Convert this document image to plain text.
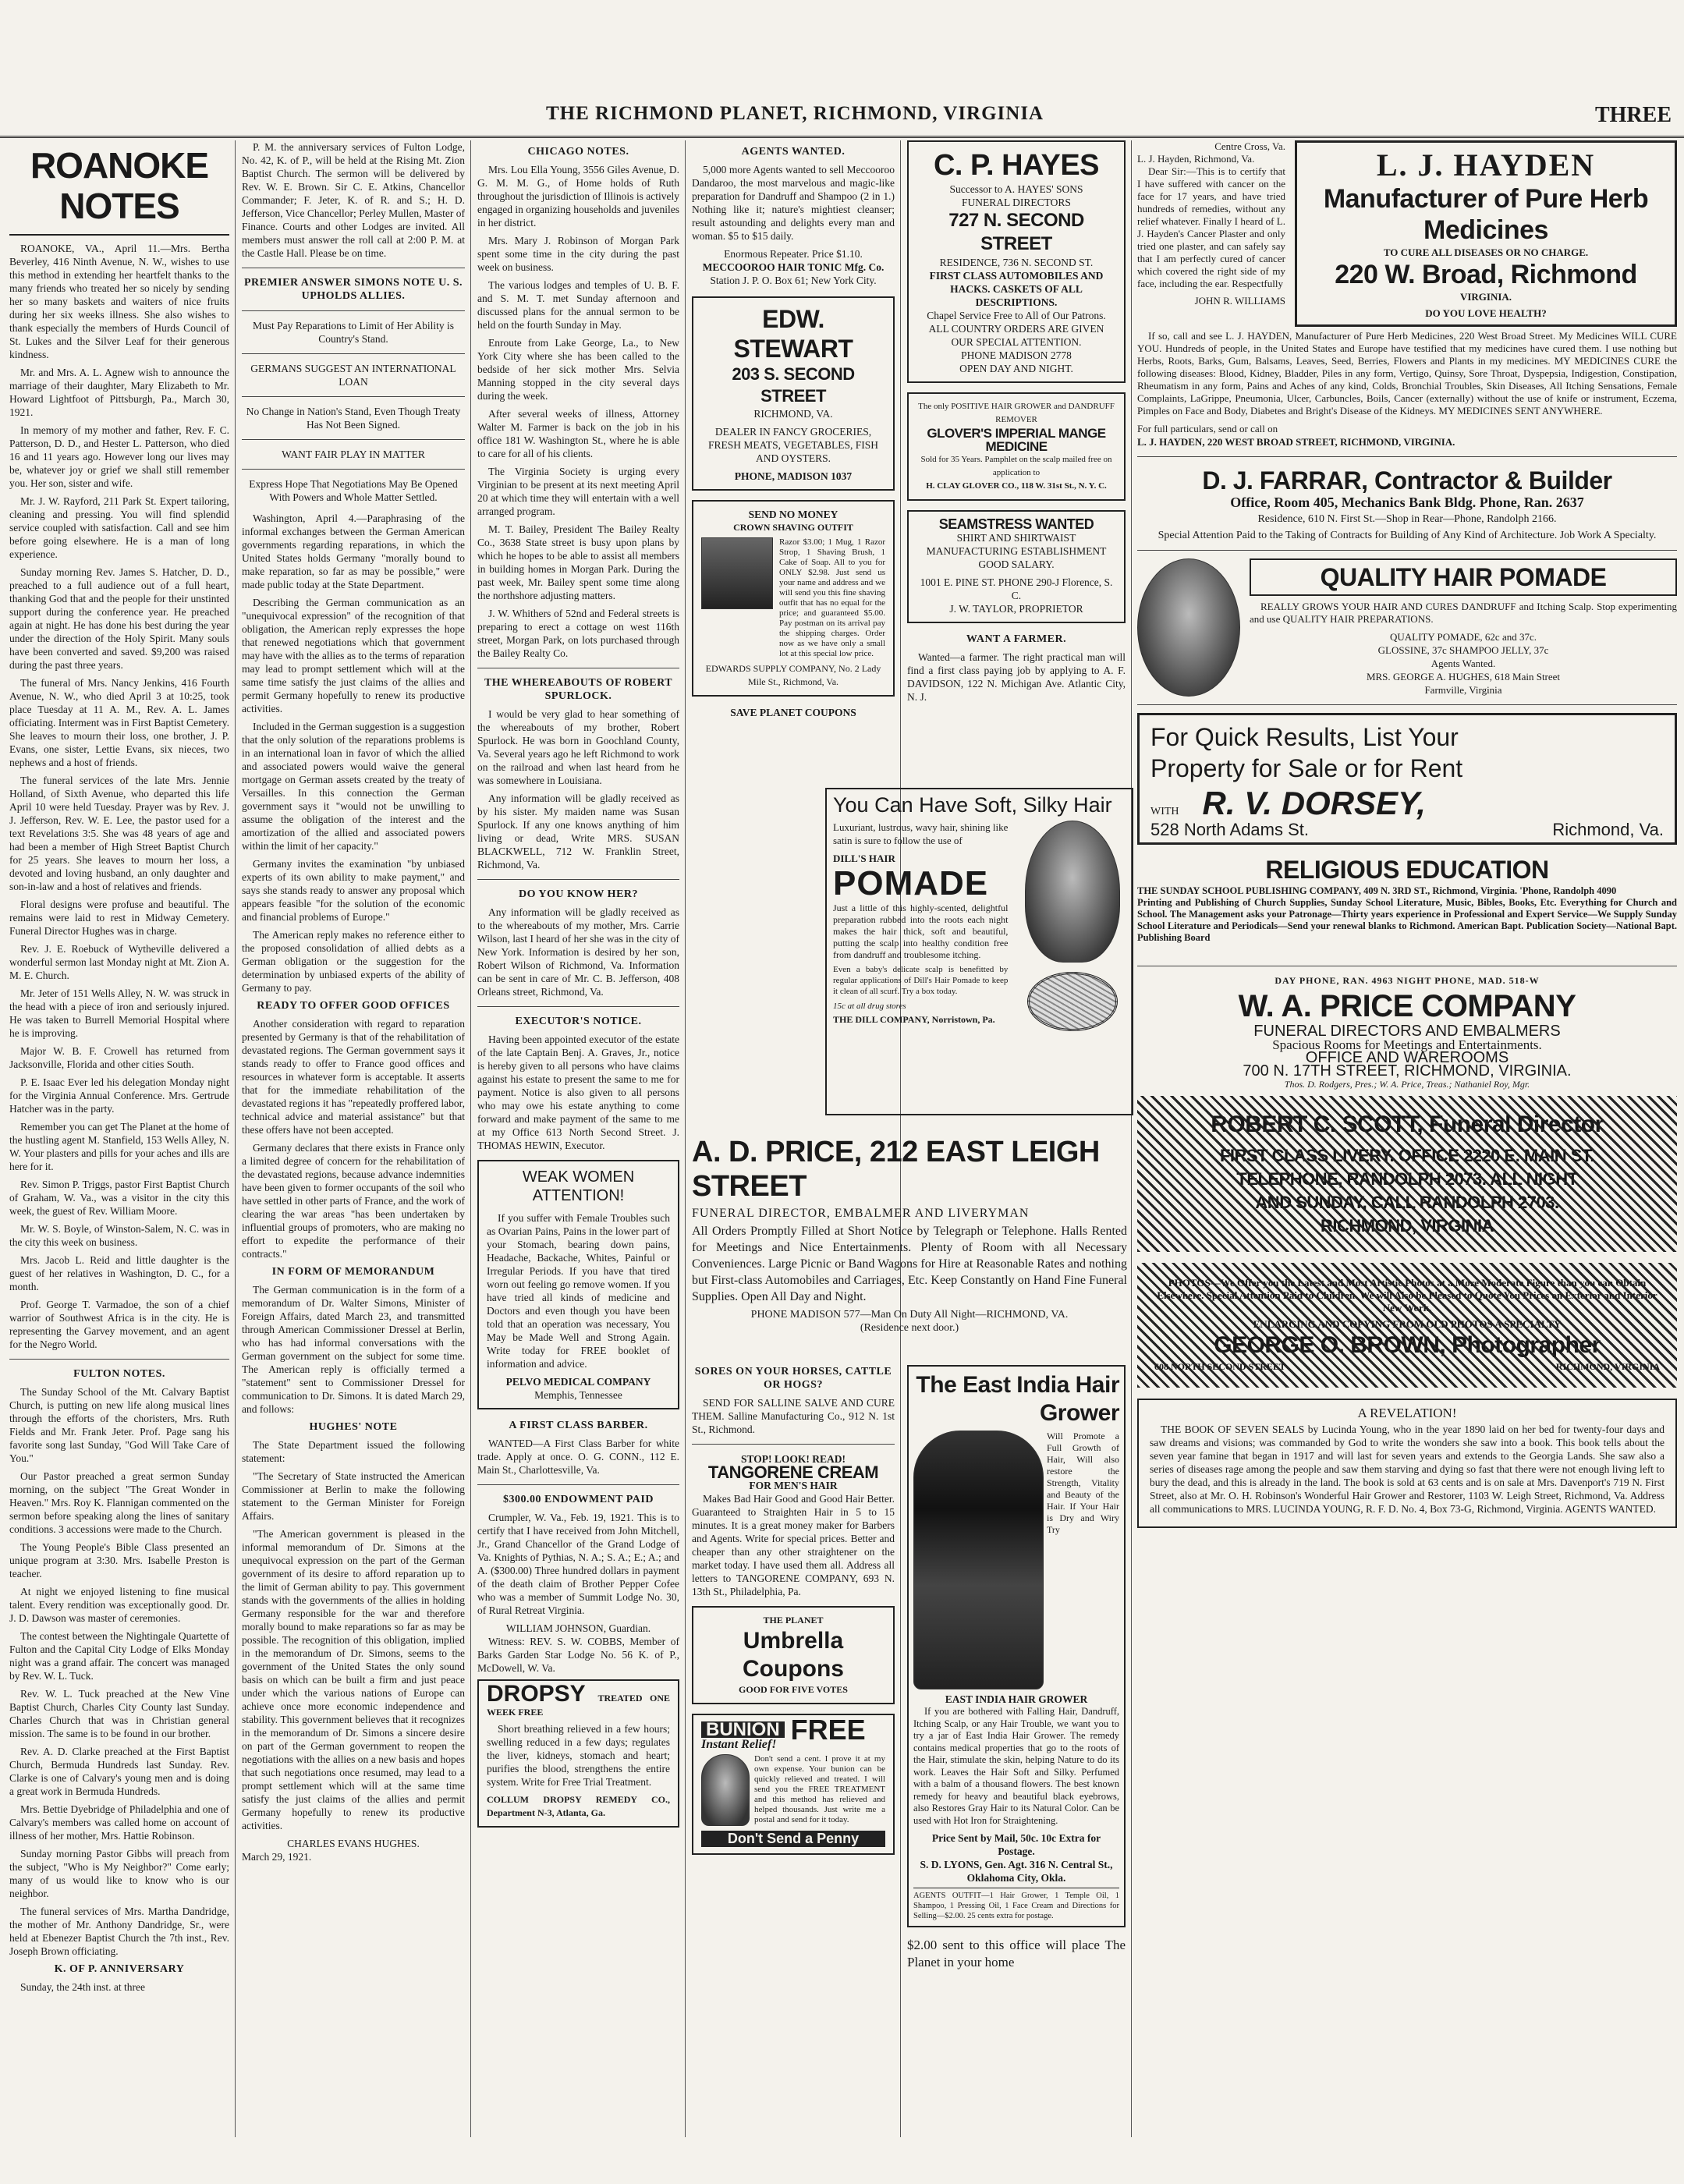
THE RICHMOND PLANET, RICHMOND, VIRGINIA	THREE
ROANOKE NOTES

ROANOKE, VA., April 11.—Mrs. Bertha Beverley, 416 Ninth Avenue, N. W., wishes to use this method in extending her heartfelt thanks to the many friends who treated her so nicely by sending her so many baskets and waiters of nice fruits during her six weeks illness. She also wishes to thank especially the members of Hurds Council of St. Lukes and the Silver Leaf for their generous kindness.

Mr. and Mrs. A. L. Agnew wish to announce the marriage of their daughter, Mary Elizabeth to Mr. Howard Lightfoot of Pittsburgh, Pa., March 30, 1921.

In memory of my mother and father, Rev. F. C. Patterson, D. D., and Hester L. Patterson, who died 16 and 11 years ago. However long our lives may be, whatever joy or grief we shall still remember you. Her son, sister and wife.

Mr. J. W. Rayford, 211 Park St. Expert tailoring, cleaning and pressing. You will find splendid service coupled with satisfaction. Call and see him before going elsewhere. He is a man of long experience.

Sunday morning Rev. James S. Hatcher, D. D., preached to a full audience out of a full heart, thanking God that and the people for their unstinted support during the conference year. He preached again at night. He has done his best during the year under the direction of the Holy Spirit. Many souls have been converted and saved. $9,200 was raised during the past three years.

The funeral of Mrs. Nancy Jenkins, 416 Fourth Avenue, N. W., who died April 3 at 10:25, took place Tuesday at 11 A. M., Rev. A. L. James officiating. Interment was in First Baptist Cemetery. She leaves to mourn their loss, one brother, J. P. Evans, one sister, Lettie Evans, six nieces, two nephews and a host of friends.

The funeral services of the late Mrs. Jennie Holland, of Sixth Avenue, who departed this life April 10 were held Tuesday. Prayer was by Rev. J. J. Jefferson, Rev. W. E. Lee, the pastor used for a text Revelations 3:5. She was 48 years of age and had been a member of High Street Baptist Church for 25 years. She leaves to mourn her loss, a devoted and loving husband, an only daughter and son-in-law and a host of relatives and friends.

Floral designs were profuse and beautiful. The remains were laid to rest in Midway Cemetery. Funeral Director Hughes was in charge.

Rev. J. E. Roebuck of Wytheville delivered a wonderful sermon last Monday night at Mt. Zion A. M. E. Church.

Mr. Jeter of 151 Wells Alley, N. W. was struck in the head with a piece of iron and seriously injured. He was taken to Burrell Memorial Hospital where he is improving.

Major W. B. F. Crowell has returned from Jacksonville, Florida and other cities South.

P. E. Isaac Ever led his delegation Monday night for the Virginia Annual Conference. Mrs. Gertrude Hatcher was in the party.

Remember you can get The Planet at the home of the hustling agent M. Stanfield, 153 Wells Alley, N. W. Your plasters and pills for your aches and ills are here for it.

Rev. Simon P. Triggs, pastor First Baptist Church of Graham, W. Va., was a visitor in the city this week, the guest of Rev. William Moore.

Mr. W. S. Boyle, of Winston-Salem, N. C. was in the city this week on business.

Mrs. Jacob L. Reid and little daughter is the guest of her relatives in Washington, D. C., for a month.

Prof. George T. Varmadoe, the son of a chief warrior of Southwest Africa is in the city. He is representing the Garvey movement, and an agent for the Negro World.

FULTON NOTES.

The Sunday School of the Mt. Calvary Baptist Church, is putting on new life along musical lines through the efforts of the choristers, Mrs. Ruth Fields and Mr. Frank Jeter. Prof. Page sang his favorite song last Sunday, "God Will Take Care of You."

Our Pastor preached a great sermon Sunday morning, on the subject "The Great Wonder in Heaven." Mrs. Roy K. Flannigan commented on the sermon before speaking along the lines of sanitary conditions. 3 accessions were made to the Church.

The Young People's Bible Class presented an unique program at 3:30. Mrs. Isabelle Preston is teacher.

At night we enjoyed listening to fine musical talent. Every rendition was exceptionally good. Dr. J. D. Dawson was master of ceremonies.

The contest between the Nightingale Quartette of Fulton and the Capital City Lodge of Elks Monday night was a grand affair. The concert was managed by Rev. W. L. Tuck.

Rev. W. L. Tuck preached at the New Vine Baptist Church, Charles City County last Sunday. Charles Church that was in Christian general mission. The same is to be found in our brother.

Rev. A. D. Clarke preached at the First Baptist Church, Bermuda Hundreds last Sunday. Rev. Clarke is one of Calvary's young men and is doing a great work in Bermuda Hundreds.

Mrs. Bettie Dyebridge of Philadelphia and one of Calvary's members was called home on account of illness of her mother, Mrs. Hattie Robinson.

Sunday morning Pastor Gibbs will preach from the subject, "Who is My Neighbor?" Come early; many of us would like to know who is our neighbor.

The funeral services of Mrs. Martha Dandridge, the mother of Mr. Anthony Dandridge, Sr., were held at Ebenezer Baptist Church the 7th inst., Rev. Joseph Brown officiating.

K. OF P. ANNIVERSARY

Sunday, the 24th inst. at three

P. M. the anniversary services of Fulton Lodge, No. 42, K. of P., will be held at the Rising Mt. Zion Baptist Church. The sermon will be delivered by Rev. W. E. Brown. Sir C. E. Atkins, Chancellor Commander; F. Jeter, K. of R. and S.; H. D. Jefferson, Vice Chancellor; Perley Mullen, Master of Finance. Courts and other Lodges are invited. All members must answer the roll call at 2:00 P. M. at the Castle Hall. Please be on time.

PREMIER ANSWER SIMONS NOTE U. S. UPHOLDS ALLIES.
Must Pay Reparations to Limit of Her Ability is Country's Stand.
GERMANS SUGGEST AN INTERNATIONAL LOAN
No Change in Nation's Stand, Even Though Treaty Has Not Been Signed.
WANT FAIR PLAY IN MATTER
Express Hope That Negotiations May Be Opened With Powers and Whole Matter Settled.

Washington, April 4.—Paraphrasing of the informal exchanges between the German American governments regarding reparations, in which the United States holds Germany "morally bound to make reparation, so far as may be possible," were made public today at the State Department.

Describing the German communication as an "unequivocal expression" of the recognition of that obligation, the American reply expresses the hope that renewed negotiations which that government may have with the allies as to the terms of reparation may lead to prompt settlement which will at the same time satisfy the just claims of the allies and permit Germany hopefully to renew its productive activities.

Included in the German suggestion is a suggestion that the only solution of the reparations problems is in an international loan in favor of which the allied and associated powers would waive the general mortgage on German assets created by the treaty of Versailles. In this connection the German government says it "would not be unwilling to assume the obligation of the interest and the amortization of the allied and associated powers within the limit of her capacity."

Germany invites the examination "by unbiased experts of its own ability to make payment," and says she stands ready to answer any proposal which appears feasible "for the solution of the economic and financial problems of Europe."

The American reply makes no reference either to the proposed consolidation of allied debts as a German obligation or the suggestion for the determination by unbiased experts of the ability of Germany to pay.

READY TO OFFER GOOD OFFICES

Another consideration with regard to reparation presented by Germany is that of the rehabilitation of devastated regions. The German government says it stands ready to offer to France good offices and resources in whatever form is acceptable. It asserts that for the immediate rehabilitation of the devastated regions it has "repeatedly proffered labor, technical advice and material assistance" but that these offers have not been accepted.

Germany declares that there exists in France only a limited degree of concern for the rehabilitation of the devastated regions, because advance indemnities have been given to former occupants of the soil who have settled in other parts of France, and the work of clearing the war areas "has been undertaken by influential groups of promoters, who are making no effort to expedite the performance of their contracts."

IN FORM OF MEMORANDUM

The German communication is in the form of a memorandum of Dr. Walter Simons, Minister of Foreign Affairs, dated March 23, and transmitted through American Commissioner Dressel at Berlin, who has had informal conversations with the German government on the subject for some time. The American reply is officially termed a "statement" sent to Commissioner Dressel for communication to Dr. Simons. It is dated March 29, and follows:

HUGHES' NOTE

The State Department issued the following statement:

"The Secretary of State instructed the American Commissioner at Berlin to make the following statement to the German Minister for Foreign Affairs.

"The American government is pleased in the informal memorandum of Dr. Simons at the unequivocal expression on the part of the German government of its desire to afford reparation up to the limit of German ability to pay. This government stands with the governments of the allies in holding Germany responsible for the war and therefore morally bound to make reparations so far as may be possible. The recognition of this obligation, implied in the memorandum of Dr. Simons, seems to the government of the United States the only sound basis on which can be built a firm and just peace under which the various nations of Europe can achieve once more economic independence and stability. This government believes that it recognizes in the memorandum of Dr. Simons a sincere desire on part of the German government to reopen the negotiations with the allies on a new basis and hopes that such negotiations once resumed, may lead to a prompt settlement which will at the same time satisfy the just claims of the allies and permit Germany hopefully to renew its productive activities.

CHARLES EVANS HUGHES.
March 29, 1921.
CHICAGO NOTES.

Mrs. Lou Ella Young, 3556 Giles Avenue, D. G. M. M. G., of Home holds of Ruth throughout the jurisdiction of Illinois is actively engaged in organizing households and juveniles in her district.

Mrs. Mary J. Robinson of Morgan Park spent some time in the city during the past week on business.

The various lodges and temples of U. B. F. and S. M. T. met Sunday afternoon and discussed plans for the annual sermon to be held on the fourth Sunday in May.

Enroute from Lake George, La., to New York City where she has been called to the bedside of her sick mother Mrs. Selvia Manning stopped in the city several days during the week.

After several weeks of illness, Attorney Walter M. Farmer is back on the job in his office 181 W. Washington St., where he is able to care for all of his clients.

The Virginia Society is urging every Virginian to be present at its next meeting April 20 at which time they will entertain with a well arranged program.

M. T. Bailey, President The Bailey Realty Co., 3638 State street is busy upon plans by which he hopes to be able to assist all members in building homes in Morgan Park. During the past week, Mr. Bailey spent some time along the northshore adjusting matters.

J. W. Whithers of 52nd and Federal streets is preparing to erect a cottage on west 116th street, Morgan Park, on lots purchased through the Bailey Realty Co.

THE WHEREABOUTS OF ROBERT SPURLOCK.

I would be very glad to hear something of the whereabouts of my brother, Robert Spurlock. He was born in Goochland County, Va. Several years ago he left Richmond to work on the railroad and when last heard from he was somewhere in Louisiana.

Any information will be gladly received as by his sister. My maiden name was Susan Spurlock. If any one knows anything of him living or dead, Write MRS. SUSAN BLACKWELL, 712 W. Franklin Street, Richmond, Va.

DO YOU KNOW HER?

Any information will be gladly received as to the whereabouts of my mother, Mrs. Carrie Wilson, last I heard of her she was in the city of New York. Information is desired by her son, Robert Wilson of Richmond, Va. Information can be sent in care of Mr. C. B. Jefferson, 408 Orleans street, Richmond, Va.

EXECUTOR'S NOTICE.

Having been appointed executor of the estate of the late Captain Benj. A. Graves, Jr., notice is hereby given to all persons who have claims against his estate to present the same to me for payment. Notice is also given to all persons who may owe his estate anything to come forward and make payment of the same to me at my Office 613 North Second Street. J. THOMAS HEWIN, Executor.

WEAK WOMEN ATTENTION!

If you suffer with Female Troubles such as Ovarian Pains, Pains in the lower part of your Stomach, bearing down pains, Headache, Backache, Whites, Painful or Irregular Periods. If you have that tired worn out feeling go remove women. If you have tried all kinds of medicine and Doctors and even though you have been told that an operation was necessary, You May be Made Well and Strong Again. Write today for FREE booklet of information and advice.

PELVO MEDICAL COMPANY
Memphis, Tennessee
A FIRST CLASS BARBER.

WANTED—A First Class Barber for white trade. Apply at once. O. G. CONN., 112 E. Main St., Charlottesville, Va.

$300.00 ENDOWMENT PAID

Crumpler, W. Va., Feb. 19, 1921. This is to certify that I have received from John Mitchell, Jr., Grand Chancellor of the Grand Lodge of Va. Knights of Pythias, N. A.; S. A.; E.; A.; and A. ($300.00) Three hundred dollars in payment of the death claim of Brother Pepper Cofee who was a member of Summit Lodge No. 30, of Rural Retreat Virginia.

WILLIAM JOHNSON, Guardian.

Witness: REV. S. W. COBBS, Member of Barks Garden Star Lodge No. 56 K. of P., McDowell, W. Va.

DROPSY TREATED ONE WEEK FREE

Short breathing relieved in a few hours; swelling reduced in a few days; regulates the liver, kidneys, stomach and heart; purifies the blood, strengthens the entire system. Write for Free Trial Treatment.

COLLUM DROPSY REMEDY CO., Department N-3, Atlanta, Ga.
AGENTS WANTED.

5,000 more Agents wanted to sell Meccooroo Dandaroo, the most marvelous and magic-like preparation for Dandruff and Shampoo (2 in 1.) Nothing like it; nature's mightiest cleanser; result astounding and delights every man and woman. $5 to $15 daily.

Enormous Repeater. Price $1.10.
MECCOOROO HAIR TONIC Mfg. Co.
Station J. P. O. Box 61; New York City.
EDW. STEWART
203 S. SECOND STREET
RICHMOND, VA.
DEALER IN FANCY GROCERIES, FRESH MEATS, VEGETABLES, FISH AND OYSTERS.
PHONE, MADISON 1037
SEND NO MONEY
CROWN SHAVING OUTFIT
Razor $3.00; 1 Mug, 1 Razor Strop, 1 Shaving Brush, 1 Cake of Soap. All to you for ONLY $2.98. Just send us your name and address and we will send you this fine shaving outfit that has no equal for the price; and guaranteed $5.00. Pay postman on its arrival pay the shipping charges. Order now as we have only a small lot at this special low price.
EDWARDS SUPPLY COMPANY, No. 2 Lady Mile St., Richmond, Va.
SAVE PLANET COUPONS
C. P. HAYES
Successor to A. HAYES' SONS
FUNERAL DIRECTORS
727 N. SECOND STREET
RESIDENCE, 736 N. SECOND ST.
FIRST CLASS AUTOMOBILES AND HACKS. CASKETS OF ALL DESCRIPTIONS.
Chapel Service Free to All of Our Patrons. ALL COUNTRY ORDERS ARE GIVEN OUR SPECIAL ATTENTION.
PHONE MADISON 2778
OPEN DAY AND NIGHT.
The only POSITIVE HAIR GROWER and DANDRUFF REMOVER
GLOVER'S IMPERIAL MANGE MEDICINE
Sold for 35 Years. Pamphlet on the scalp mailed free on application to
H. CLAY GLOVER CO., 118 W. 31st St., N. Y. C.
SEAMSTRESS WANTED
SHIRT AND SHIRTWAIST MANUFACTURING ESTABLISHMENT GOOD SALARY.
1001 E. PINE ST. PHONE 290-J Florence, S. C.
J. W. TAYLOR, PROPRIETOR
WANT A FARMER.

Wanted—a farmer. The right practical man will find a first class paying job by applying to A. F. DAVIDSON, 122 N. Michigan Ave. Atlantic City, N. J.

You Can Have Soft, Silky Hair
Luxuriant, lustrous, wavy hair, shining like satin is sure to follow the use of
DILL'S HAIR
POMADE
Just a little of this highly-scented, delightful preparation rubbed into the roots each night makes the hair thick, soft and beautiful, putting the scalp into healthy condition free from dandruff and troublesome itching.
Even a baby's delicate scalp is benefitted by regular applications of Dill's Hair Pomade to keep it clean of all scurf. Try a box today.
15c at all drug stores
THE DILL COMPANY, Norristown, Pa.
A. D. PRICE, 212 EAST LEIGH STREET
FUNERAL DIRECTOR, EMBALMER AND LIVERYMAN
All Orders Promptly Filled at Short Notice by Telegraph or Telephone. Halls Rented for Meetings and Nice Entertainments. Plenty of Room with all Necessary Conveniences. Large Picnic or Band Wagons for Hire at Reasonable Rates and nothing but First-class Automobiles and Carriages, Etc. Keep Constantly on Hand Fine Funeral Supplies. Open All Day and Night.
PHONE MADISON 577—Man On Duty All Night—RICHMOND, VA.
(Residence next door.)
SORES ON YOUR HORSES, CATTLE OR HOGS?

SEND FOR SALLINE SALVE AND CURE THEM. Salline Manufacturing Co., 912 N. 1st St., Richmond.

STOP! LOOK! READ!
TANGORENE CREAM
FOR MEN'S HAIR

Makes Bad Hair Good and Good Hair Better. Guaranteed to Straighten Hair in 5 to 15 minutes. It is a great money maker for Barbers and Agents. Write for special prices. Better and cheaper than any other straightener on the market today. I have used them all. Address all letters to TANGORENE COMPANY, 693 N. 13th St., Philadelphia, Pa.

THE PLANET
Umbrella Coupons
GOOD FOR FIVE VOTES
BUNION FREE
Instant Relief!
Don't send a cent. I prove it at my own expense. Your bunion can be quickly relieved and treated. I will send you the FREE TREATMENT and this method has relieved and helped thousands. Just write me a postal and send for it today.
Don't Send a Penny
The East India Hair Grower
Will Promote a Full Growth of Hair, Will also restore the Strength, Vitality and Beauty of the Hair. If Your Hair is Dry and Wiry Try
EAST INDIA HAIR GROWER

If you are bothered with Falling Hair, Dandruff, Itching Scalp, or any Hair Trouble, we want you to try a jar of East India Hair Grower. The remedy contains medical properties that go to the roots of the Hair, stimulate the skin, helping Nature to do its work. Leaves the Hair Soft and Silky. Perfumed with a balm of a thousand flowers. The best known remedy for heavy and beautiful black eyebrows, also Restores Gray Hair to its Natural Color. Can be used with Hot Iron for Straightening.

Price Sent by Mail, 50c. 10c Extra for Postage.
S. D. LYONS, Gen. Agt. 316 N. Central St., Oklahoma City, Okla.
AGENTS OUTFIT—1 Hair Grower, 1 Temple Oil, 1 Shampoo, 1 Pressing Oil, 1 Face Cream and Directions for Selling—$2.00. 25 cents extra for postage.
$2.00 sent to this office will place The Planet in your home
Centre Cross, Va.
L. J. Hayden, Richmond, Va.

Dear Sir:—This is to certify that I have suffered with cancer on the face for 17 years, and have tried hundreds of remedies, without any relief whatever. Finally I heard of L. J. Hayden's Cancer Plaster and only tried one plaster, and can safely say that I am perfectly cured of cancer which covered the right side of my face, including the ear. Respectfully

JOHN R. WILLIAMS
L. J. HAYDEN
Manufacturer of Pure Herb Medicines
TO CURE ALL DISEASES OR NO CHARGE.
220 W. Broad, Richmond
VIRGINIA.
DO YOU LOVE HEALTH?

If so, call and see L. J. HAYDEN, Manufacturer of Pure Herb Medicines, 220 West Broad Street. My Medicines WILL CURE YOU. Hundreds of people, in the United States and Europe have testified that my medicines have cured them. I use nothing but Herbs, Roots, Barks, Gum, Balsams, Leaves, Seed, Berries, Flowers and Plants in my medicines. MY MEDICINES CURE the following diseases: Blood, Kidney, Bladder, Piles in any form, Vertigo, Quinsy, Sore Throat, Dyspepsia, Indigestion, Constipation, Rheumatism in any form, Pains and Aches of any kind, Colds, Bronchial Troubles, Skin Diseases, All Itching Sensations, Female Complaints, LaGrippe, Pneumonia, Ulcer, Carbuncles, Boils, Cancer (externally) without the use of knife or instrument, Eczema, Pimples on Face and Body, Diabetes and Bright's Disease of the Kidneys. MY MEDICINES SENT ANYWHERE.

For full particulars, send or call on
L. J. HAYDEN, 220 WEST BROAD STREET, RICHMOND, VIRGINIA.
D. J. FARRAR, Contractor & Builder
Office, Room 405, Mechanics Bank Bldg. Phone, Ran. 2637
Residence, 610 N. First St.—Shop in Rear—Phone, Randolph 2166.
Special Attention Paid to the Taking of Contracts for Building of Any Kind of Architecture. Job Work A Specialty.
QUALITY HAIR POMADE

REALLY GROWS YOUR HAIR AND CURES DANDRUFF and Itching Scalp. Stop experimenting and use QUALITY HAIR PREPARATIONS.

QUALITY POMADE, 62c and 37c.
GLOSSINE, 37c SHAMPOO JELLY, 37c
Agents Wanted.
MRS. GEORGE A. HUGHES, 618 Main Street
Farmville, Virginia
For Quick Results, List Your
Property for Sale or for Rent
WITH R. V. DORSEY,
528 North Adams St.	Richmond, Va.
RELIGIOUS EDUCATION
THE SUNDAY SCHOOL PUBLISHING COMPANY, 409 N. 3RD ST., Richmond, Virginia. 'Phone, Randolph 4090
Printing and Publishing of Church Supplies, Sunday School Literature, Music, Bibles, Books, Etc. Everything for Church and School. The Management asks your Patronage—Thirty years experience in Professional and Expert Service—We Supply Sunday School Literature and Periodicals—Send your renewal blanks to Richmond. American Bapt. Publication Society—National Bapt. Publishing Board
DAY PHONE, RAN. 4963 NIGHT PHONE, MAD. 518-W
W. A. PRICE COMPANY
FUNERAL DIRECTORS AND EMBALMERS
Spacious Rooms for Meetings and Entertainments.
OFFICE AND WAREROOMS
700 N. 17TH STREET, RICHMOND, VIRGINIA.
Thos. D. Rodgers, Pres.; W. A. Price, Treas.; Nathaniel Roy, Mgr.
ROBERT C. SCOTT, Funeral Director
FIRST CLASS LIVERY. OFFICE 2220 E. MAIN ST.
TELEPHONE, RANDOLPH 2073. ALL NIGHT
AND SUNDAY, CALL RANDOLPH 2703.
RICHMOND, VIRGINIA
PHOTOS—We Offer you the Latest and Most Artistic Photos at a More Moderate Figure than you can Obtain Elsewhere. Special Attention Paid to Children. We will Also be Pleased to Quote You Prices on Exterior and Interior New Work.
ENLARGING AND COPYING FROM OLD PHOTOS A SPECIALTY
GEORGE O. BROWN, Photographer
608 NORTH SECOND STREET	RICHMOND, VIRGINIA
A REVELATION!

THE BOOK OF SEVEN SEALS by Lucinda Young, who in the year 1890 laid on her bed for twenty-four days and saw dreams and visions; was commanded by God to write the wonders she saw into a book. This book tells about the seven year famine that began in 1917 and will last for seven years and extends to the Georgia Lands. She saw also a series of diseases rage among the people and saw them starving and dying so fast that there were not enough living left to bury the dead, and this is already in the land. The book is sold at 63 cents and is on sale at Mrs. Davenport's 719 N. First Street, also at Mr. O. H. Robinson's Wonderful Hair Grower and Restorer, 1103 W. Leigh Street, Richmond, Va. Address all communications to MRS. LUCINDA YOUNG, R. F. D. No. 4, Box 73-G, Richmond, Virginia. AGENTS WANTED.
